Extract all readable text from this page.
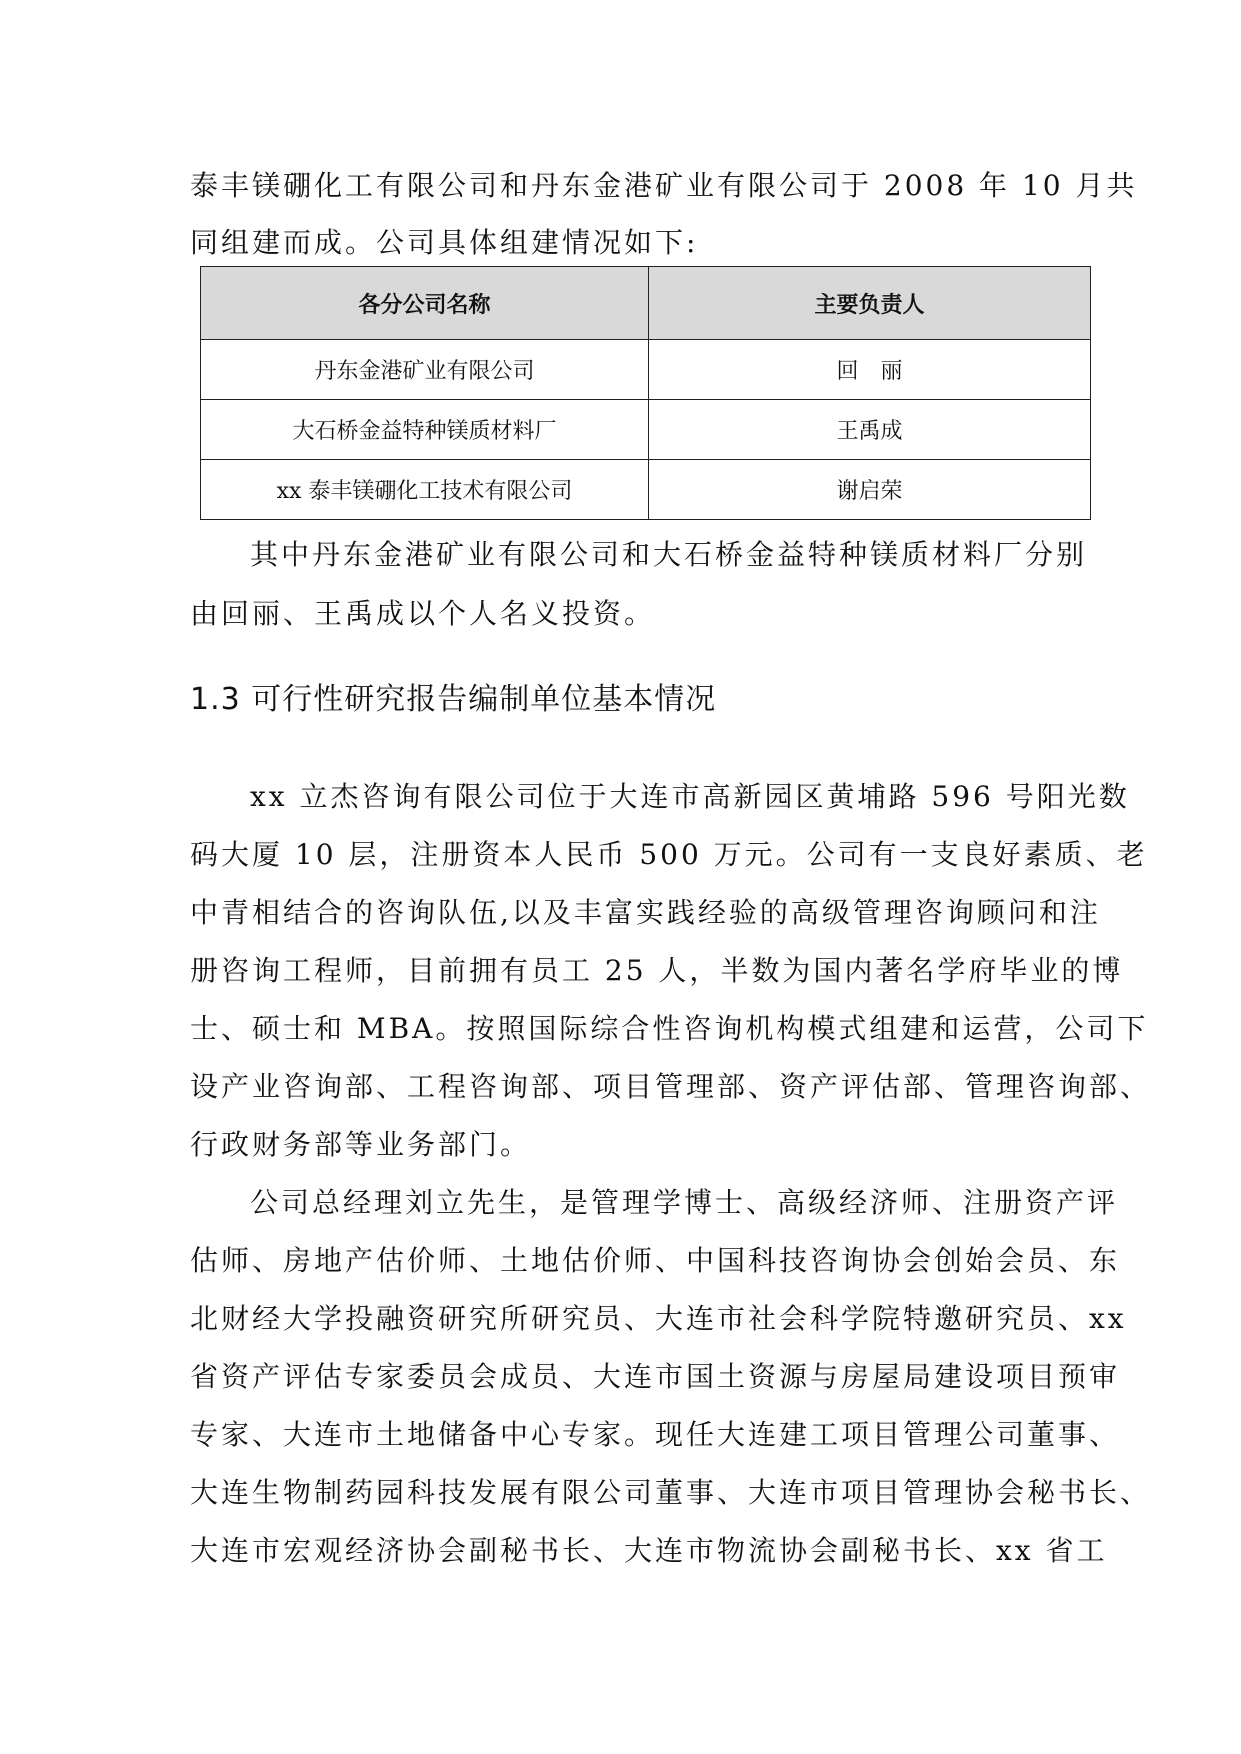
泰丰镁硼化工有限公司和丹东金港矿业有限公司于 2008 年 10 月共
同组建而成。公司具体组建情况如下:
各分公司名称	主要负责人
丹东金港矿业有限公司	回　丽
大石桥金益特种镁质材料厂	王禹成
xx 泰丰镁硼化工技术有限公司	谢启荣
其中丹东金港矿业有限公司和大石桥金益特种镁质材料厂分别
由回丽、王禹成以个人名义投资。
1.3 可行性研究报告编制单位基本情况
xx 立杰咨询有限公司位于大连市高新园区黄埔路 596 号阳光数
码大厦 10 层，注册资本人民币 500 万元。公司有一支良好素质、老
中青相结合的咨询队伍,以及丰富实践经验的高级管理咨询顾问和注
册咨询工程师，目前拥有员工 25 人，半数为国内著名学府毕业的博
士、硕士和 MBA。按照国际综合性咨询机构模式组建和运营，公司下
设产业咨询部、工程咨询部、项目管理部、资产评估部、管理咨询部、
行政财务部等业务部门。
公司总经理刘立先生，是管理学博士、高级经济师、注册资产评
估师、房地产估价师、土地估价师、中国科技咨询协会创始会员、东
北财经大学投融资研究所研究员、大连市社会科学院特邀研究员、xx
省资产评估专家委员会成员、大连市国土资源与房屋局建设项目预审
专家、大连市土地储备中心专家。现任大连建工项目管理公司董事、
大连生物制药园科技发展有限公司董事、大连市项目管理协会秘书长、
大连市宏观经济协会副秘书长、大连市物流协会副秘书长、xx 省工
